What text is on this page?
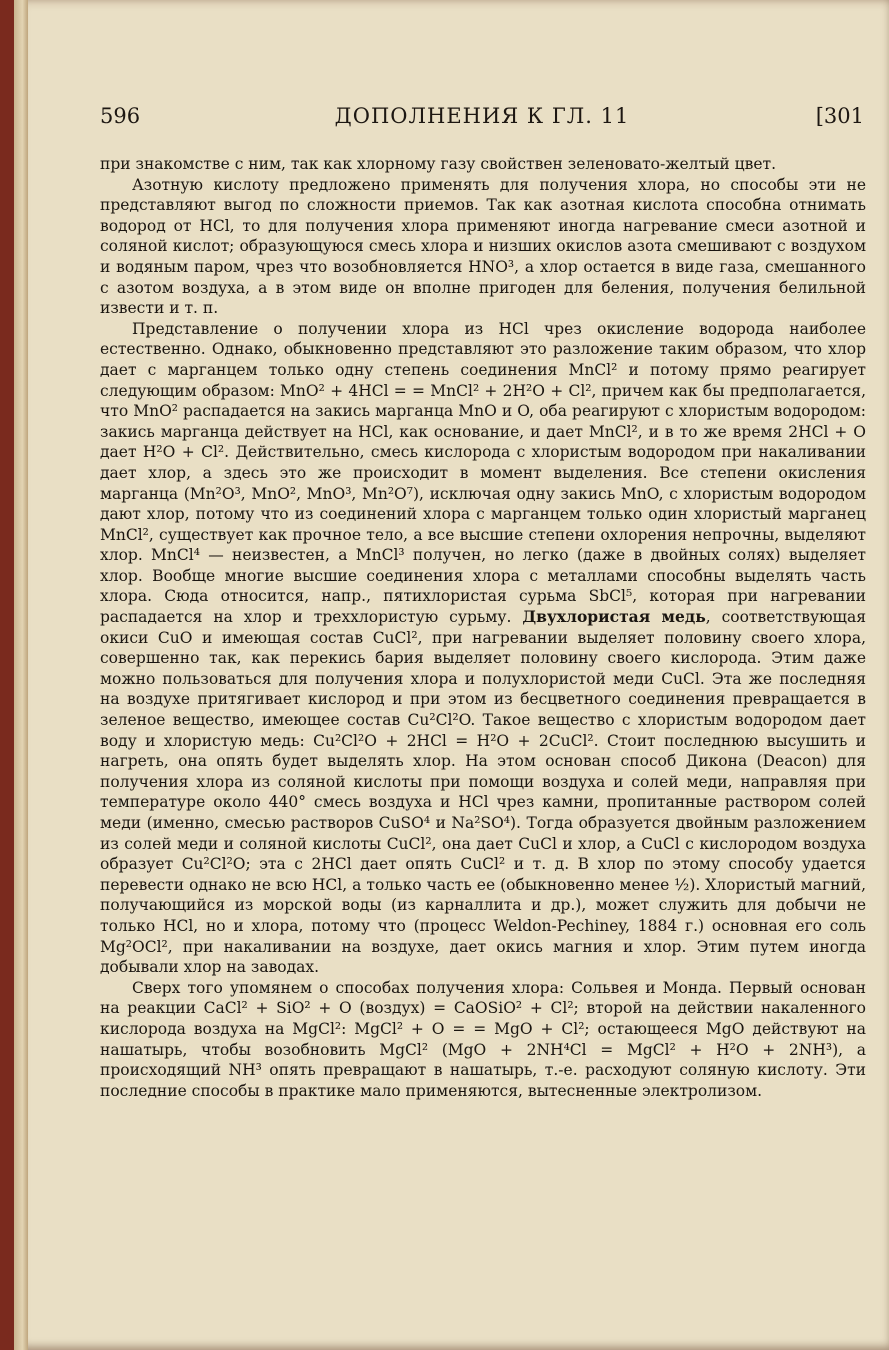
596	ДОПОЛНЕНИЯ К ГЛ. 11	[301

при знакомстве с ним, так как хлорному газу свойствен зеленовато-желтый цвет.

Азотную кислоту предложено применять для получения хлора, но способы эти не представляют выгод по сложности приемов. Так как азотная кислота способна отнимать водород от HCl, то для получения хлора применяют иногда нагревание смеси азотной и соляной кислот; образующуюся смесь хлора и низших окислов азота смешивают с воздухом и водяным паром, чрез что возобновляется HNO³, а хлор остается в виде газа, смешанного с азотом воздуха, а в этом виде он вполне пригоден для беления, получения белильной извести и т. п.

Представление о получении хлора из HCl чрез окисление водорода наиболее естественно. Однако, обыкновенно представляют это разложение таким образом, что хлор дает с марганцем только одну степень соединения MnCl² и потому прямо реагирует следующим образом: MnO² + 4HCl = = MnCl² + 2H²O + Cl², причем как бы предполагается, что MnO² распадается на закись марганца MnO и O, оба реагируют с хлористым водородом: закись марганца действует на HCl, как основание, и дает MnCl², и в то же время 2HCl + O дает H²O + Cl². Действительно, смесь кислорода с хлористым водородом при накаливании дает хлор, а здесь это же происходит в момент выделения. Все степени окисления марганца (Mn²O³, MnO², MnO³, Mn²O⁷), исключая одну закись MnO, с хлористым водородом дают хлор, потому что из соединений хлора с марганцем только один хлористый марганец MnCl², существует как прочное тело, а все высшие степени охлорения непрочны, выделяют хлор. MnCl⁴ — неизвестен, а MnCl³ получен, но легко (даже в двойных солях) выделяет хлор. Вообще многие высшие соединения хлора с металлами способны выделять часть хлора. Сюда относится, напр., пятихлористая сурьма SbCl⁵, которая при нагревании распадается на хлор и треххлористую сурьму. Двухлористая медь, соответствующая окиси CuO и имеющая состав CuCl², при нагревании выделяет половину своего хлора, совершенно так, как перекись бария выделяет половину своего кислорода. Этим даже можно пользоваться для получения хлора и полухлористой меди CuCl. Эта же последняя на воздухе притягивает кислород и при этом из бесцветного соединения превращается в зеленое вещество, имеющее состав Cu²Cl²O. Такое вещество с хлористым водородом дает воду и хлористую медь: Cu²Cl²O + 2HCl = H²O + 2CuCl². Стоит последнюю высушить и нагреть, она опять будет выделять хлор. На этом основан способ Дикона (Deacon) для получения хлора из соляной кислоты при помощи воздуха и солей меди, направляя при температуре около 440° смесь воздуха и HCl чрез камни, пропитанные раствором солей меди (именно, смесью растворов CuSO⁴ и Na²SO⁴). Тогда образуется двойным разложением из солей меди и соляной кислоты CuCl², она дает CuCl и хлор, а CuCl с кислородом воздуха образует Cu²Cl²O; эта с 2HCl дает опять CuCl² и т. д. В хлор по этому способу удается перевести однако не всю HCl, а только часть ее (обыкновенно менее ½). Хлористый магний, получающийся из морской воды (из карналлита и др.), может служить для добычи не только HCl, но и хлора, потому что (процесс Weldon-Pechiney, 1884 г.) основная его соль Mg²OCl², при накаливании на воздухе, дает окись магния и хлор. Этим путем иногда добывали хлор на заводах.

Сверх того упомянем о способах получения хлора: Сольвея и Монда. Первый основан на реакции CaCl² + SiO² + O (воздух) = CaOSiO² + Cl²; второй на действии накаленного кислорода воздуха на MgCl²: MgCl² + O = = MgO + Cl²; остающееся MgO действуют на нашатырь, чтобы возобновить MgCl² (MgO + 2NH⁴Cl = MgCl² + H²O + 2NH³), а происходящий NH³ опять превращают в нашатырь, т.-е. расходуют соляную кислоту. Эти последние способы в практике мало применяются, вытесненные электролизом.
